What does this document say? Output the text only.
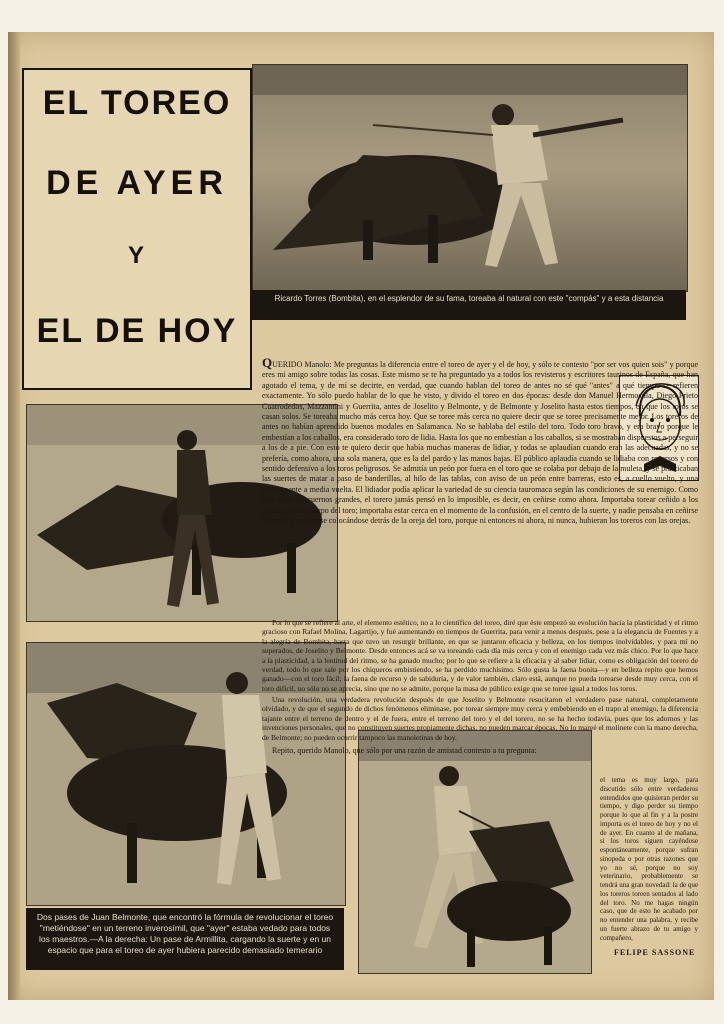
EL TOREO
DE AYER
Y
EL DE HOY
Ricardo Torres (Bombita), en el esplendor de su fama, toreaba al natural con este "compás" y a esta distancia
Dos pases de Juan Belmonte, que encontró la fórmula de revolucionar el toreo "metiéndose" en un terreno inverosímil, que "ayer" estaba vedado para todos los maestros.—A la derecha: Un pase de Armillita, cargando la suerte y en un espacio que para el toreo de ayer hubiera parecido demasiado temerario

QUERIDO Manolo: Me preguntas la diferencia entre el toreo de ayer y el de hoy, y sólo te contesto "por ser vos quien sois" y porque eres mi amigo sobre todas las cosas. Este mismo se te ha preguntado ya a todos los revisteros y escritores taurinos de España, que han agotado el tema, y de mí se decirte, en verdad, que cuando hablan del toreo de antes no sé qué "antes" a qué tiempo se refieren exactamente. Yo sólo puedo hablar de lo que he visto, y divido el toreo en dos épocas: desde don Manuel Hermosilla, Diego Prieto Cuatrodedos, Mazzantini y Guerrita, antes de Joselito y Belmonte, y de Belmonte y Joselito hasta estos tiempos, en que los toros se casan solos. Se toreaba mucho más cerca hoy. Que se toree más cerca no quiere decir que se toree precisamente mejor. Los toreros de antes no habían aprendido buenos modales en Salamanca. No se hablaba del estilo del toro. Todo toro bravo, y era bravo porque le embestían a los caballos, era considerado toro de lidia. Hasta los que no embestían a los caballos, si se mostraban dispuestos a perseguir a los de a pie. Con esto te quiero decir que había muchas maneras de lidiar, y todas se aplaudían cuando eran las adecuadas, y no se prefería, como ahora, una sola manera, que es la del pardo y las manos bajas. El público aplaudía cuando se lidiaba con recursos y con sentido defensivo a los toros peligrosos. Se admitía un peón por fuera en el toro que se colaba por debajo de la muleta, y se practicaban las suertes de matar a paso de banderillas, al hilo de las tablas, con aviso de un peón entre barreras, esto es, a cuello vuelto, y una francamente a media vuelta. El lidiador podía aplicar la variedad de su ciencia tauromaca según las condiciones de su enemigo. Como éste tenía los cuernos grandes, el torero jamás pensó en lo imposible, es decir, en ceñirse como ahora. Importaba torear ceñido a los pitones, no al cuerpo del toro; importaba estar cerca en el momento de la confusión, en el centro de la suerte, y nadie pensaba en ceñirse después y mejorarse colocándose detrás de la oreja del toro, porque ni entonces ni ahora, ni nunca, hubieran los toreros con las orejas.

Por lo que se refiere al arte, el elemento estético, no a lo científico del toreo, diré que éste empezó su evolución hacia la plasticidad y el ritmo gracioso con Rafael Molina, Lagartijo, y fué aumentando en tiempos de Guerrita, para venir a menos después, pese a la elegancia de Fuentes y a la alegría de Bombita, hasta que tuvo un resurgir brillante, en que se juntaron eficacia y belleza, en los tiempos inolvidables, y para mí no superados, de Joselito y Belmonte. Desde entonces acá se va toreando cada día más cerca y con el enemigo cada vez más chico. Por lo que hace a la plasticidad, a la lentitud del ritmo, se ha ganado mucho; por lo que se refiere a la eficacia y al saber lidiar, como es obligación del torero de verdad, todo lo que sale por los chiqueros embistiendo, se ha perdido muchísimo. Sólo gusta la faena bonita—y en belleza repito que hemos ganado—con el toro fácil; la faena de recurso y de sabiduría, y de valor también, claro está, aunque no pueda torearse desde muy cerca, con el toro difícil, no sólo no se aprecia, sino que no se admite, porque la masa de público exige que se toree igual a todos los toros.

Una revolución, una verdadera revolución después de que Joselito y Belmonte resucitaron el verdadero pase natural, completamente olvidado, y de que el segundo de dichos fenómenos eliminase, por torear siempre muy cerca y embebiendo en el trapo al enemigo, la diferencia tajante entre el terreno de dentro y el de fuera, entre el terreno del toro y el del torero, no se ha hecho todavía, pues que los adornos y las invenciones personales, que no constituyen suertes propiamente dichas, no pueden marcar épocas. No lo mareé el molinete con la mano derecha, de Belmonte; no pueden ocurrir tampoco las manoletinas de hoy.

Repito, querido Manolo, que sólo por una razón de amistad contesto a tu pregunta:

el tema es muy largo, para discutido sólo entre verdaderos entendidos que quisieran perder su tiempo, y digo perder su tiempo porque lo que al fin y a la postre importa es el toreo de hoy y no el de ayer. En cuanto al de mañana, si los toros siguen cayéndose espontáneamente, porque sufran sinopeda o por otras razones que yo no sé, porque no soy veterinario, probablemente se tendrá una gran novedad: la de que los toreros toreen sentados al lado del toro. No me hagas ningún caso, que de esto he acabado por no entender una palabra, y recibe un fuerte abrazo de tu amigo y compañero,
FELIPE SASSONE
